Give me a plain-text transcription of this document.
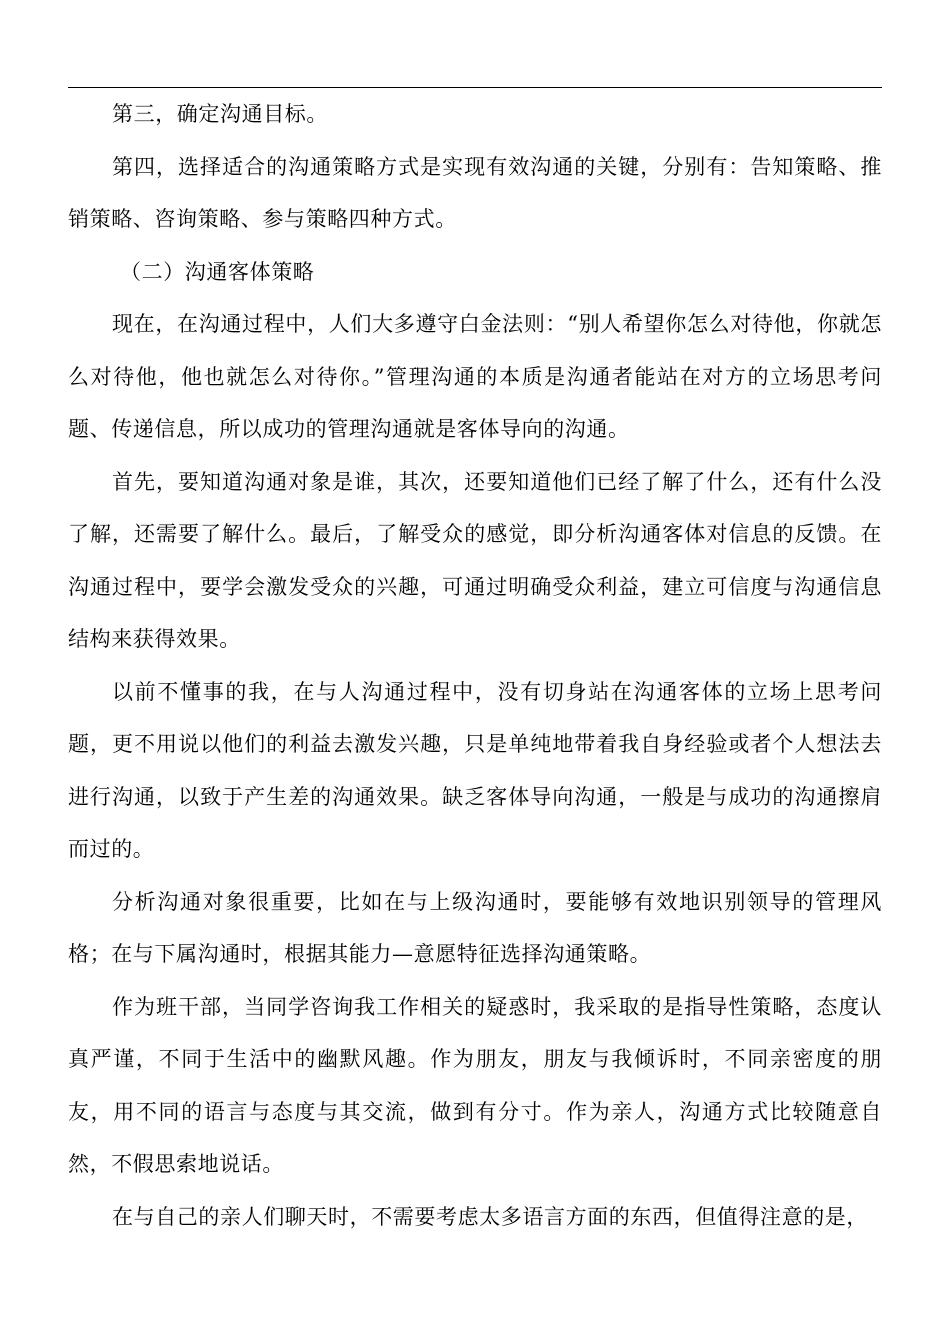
第三，确定沟通目标。

第四，选择适合的沟通策略方式是实现有效沟通的关键，分别有：告知策略、推销策略、咨询策略、参与策略四种方式。

（二）沟通客体策略

现在，在沟通过程中，人们大多遵守白金法则：“别人希望你怎么对待他，你就怎么对待他，他也就怎么对待你。”管理沟通的本质是沟通者能站在对方的立场思考问题、传递信息，所以成功的管理沟通就是客体导向的沟通。

首先，要知道沟通对象是谁，其次，还要知道他们已经了解了什么，还有什么没了解，还需要了解什么。最后，了解受众的感觉，即分析沟通客体对信息的反馈。在沟通过程中，要学会激发受众的兴趣，可通过明确受众利益，建立可信度与沟通信息结构来获得效果。

以前不懂事的我，在与人沟通过程中，没有切身站在沟通客体的立场上思考问题，更不用说以他们的利益去激发兴趣，只是单纯地带着我自身经验或者个人想法去进行沟通，以致于产生差的沟通效果。缺乏客体导向沟通，一般是与成功的沟通擦肩而过的。

分析沟通对象很重要，比如在与上级沟通时，要能够有效地识别领导的管理风格；在与下属沟通时，根据其能力—意愿特征选择沟通策略。

作为班干部，当同学咨询我工作相关的疑惑时，我采取的是指导性策略，态度认真严谨，不同于生活中的幽默风趣。作为朋友，朋友与我倾诉时，不同亲密度的朋友，用不同的语言与态度与其交流，做到有分寸。作为亲人，沟通方式比较随意自然，不假思索地说话。

在与自己的亲人们聊天时，不需要考虑太多语言方面的东西，但值得注意的是，
